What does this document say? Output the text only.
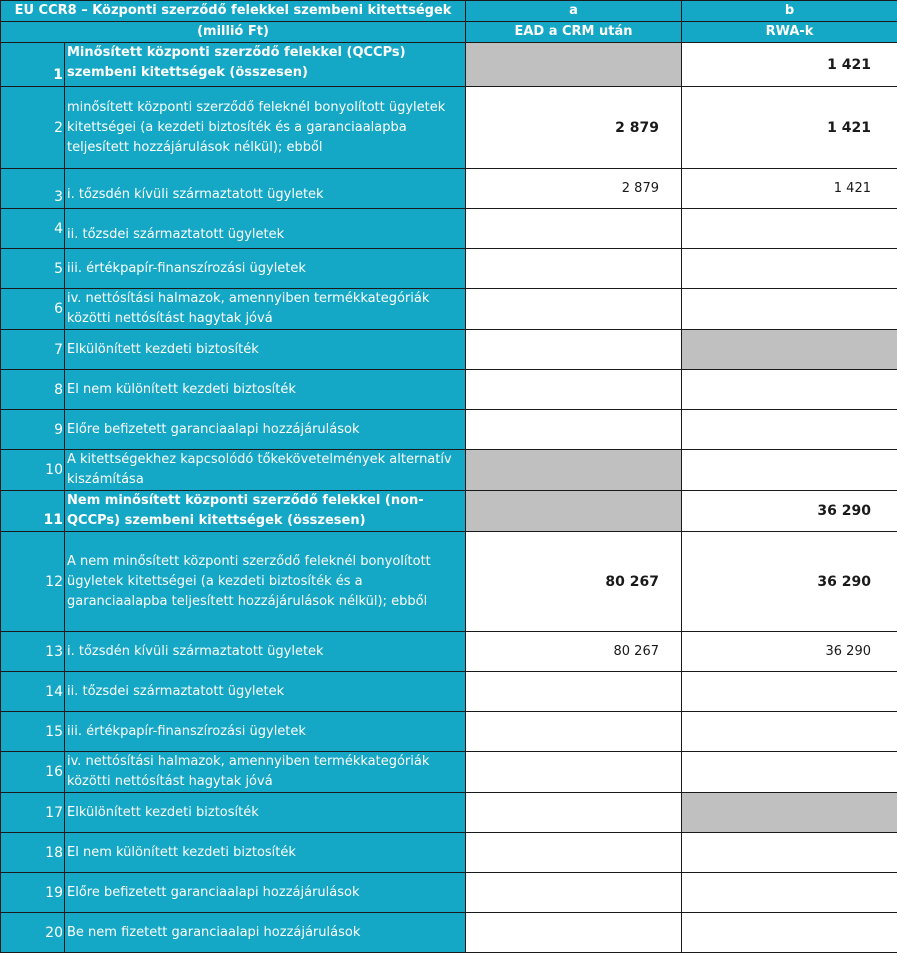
EU CCR8 – Központi szerződő felekkel szembeni kitettségek		a	b
(millió Ft)		EAD a CRM után	RWA-k
1	Minősített központi szerződő felekkel (QCCPs) szembeni kitettségek (összesen)		1 421
2	minősített központi szerződő feleknél bonyolított ügyletek kitettségei (a kezdeti biztosíték és a garanciaalapba teljesített hozzájárulások nélkül); ebből	2 879	1 421
3	i. tőzsdén kívüli származtatott ügyletek	2 879	1 421
4	ii. tőzsdei származtatott ügyletek		
5	iii. értékpapír-finanszírozási ügyletek		
6	iv. nettósítási halmazok, amennyiben termékkategóriák közötti nettósítást hagytak jóvá		
7	Elkülönített kezdeti biztosíték		
8	El nem különített kezdeti biztosíték		
9	Előre befizetett garanciaalapi hozzájárulások		
10	A kitettségekhez kapcsolódó tőkekövetelmények alternatív kiszámítása		
11	Nem minősített központi szerződő felekkel (non-QCCPs) szembeni kitettségek (összesen)		36 290
12	A nem minősített központi szerződő feleknél bonyolított ügyletek kitettségei (a kezdeti biztosíték és a garanciaalapba teljesített hozzájárulások nélkül); ebből	80 267	36 290
13	i. tőzsdén kívüli származtatott ügyletek	80 267	36 290
14	ii. tőzsdei származtatott ügyletek		
15	iii. értékpapír-finanszírozási ügyletek		
16	iv. nettósítási halmazok, amennyiben termékkategóriák közötti nettósítást hagytak jóvá		
17	Elkülönített kezdeti biztosíték		
18	El nem különített kezdeti biztosíték		
19	Előre befizetett garanciaalapi hozzájárulások		
20	Be nem fizetett garanciaalapi hozzájárulások		
